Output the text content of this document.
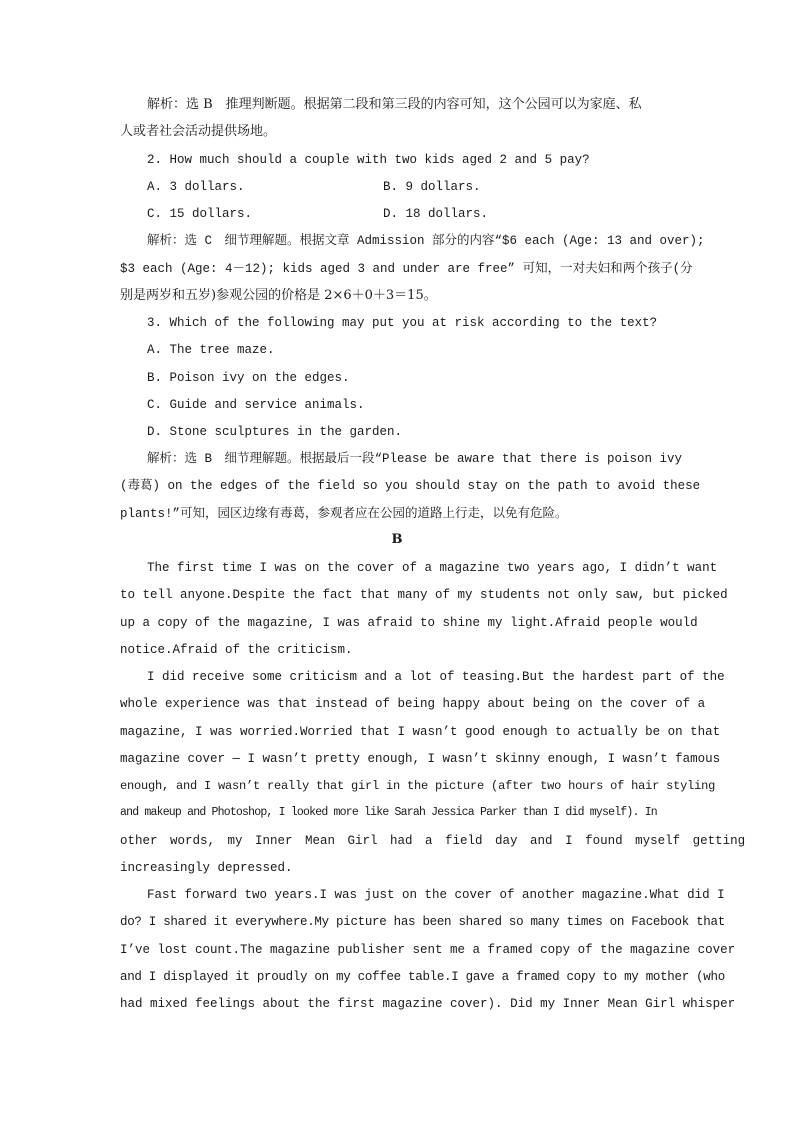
解析：选 B　推理判断题。根据第二段和第三段的内容可知，这个公园可以为家庭、私
人或者社会活动提供场地。
2. How much should a couple with two kids aged 2 and 5 pay?
A. 3 dollars.	B. 9 dollars.
C. 15 dollars.	D. 18 dollars.
解析：选 C　细节理解题。根据文章 Admission 部分的内容“$6 each (Age: 13 and over);
$3 each (Age: 4－12); kids aged 3 and under are free” 可知，一对夫妇和两个孩子(分
别是两岁和五岁)参观公园的价格是 2×6＋0＋3＝15。
3. Which of the following may put you at risk according to the text?
A. The tree maze.
B. Poison ivy on the edges.
C. Guide and service animals.
D. Stone sculptures in the garden.
解析：选 B　细节理解题。根据最后一段“Please be aware that there is poison ivy
(毒葛) on the edges of the field so you should stay on the path to avoid these
plants!”可知，园区边缘有毒葛，参观者应在公园的道路上行走，以免有危险。
B
The first time I was on the cover of a magazine two years ago, I didn’t want
to tell anyone.Despite the fact that many of my students not only saw, but picked
up a copy of the magazine, I was afraid to shine my light.Afraid people would
notice.Afraid of the criticism.
I did receive some criticism and a lot of teasing.But the hardest part of the
whole experience was that instead of being happy about being on the cover of a
magazine, I was worried.Worried that I wasn’t good enough to actually be on that
magazine cover — I wasn’t pretty enough, I wasn’t skinny enough, I wasn’t famous
enough, and I wasn’t really that girl in the picture (after two hours of hair styling
and makeup and Photoshop, I looked more like Sarah Jessica Parker than I did myself). In
other words, my Inner Mean Girl had a field day and I found myself getting
increasingly depressed.
Fast forward two years.I was just on the cover of another magazine.What did I
do? I shared it everywhere.My picture has been shared so many times on Facebook that
I’ve lost count.The magazine publisher sent me a framed copy of the magazine cover
and I displayed it proudly on my coffee table.I gave a framed copy to my mother (who
had mixed feelings about the first magazine cover). Did my Inner Mean Girl whisper
